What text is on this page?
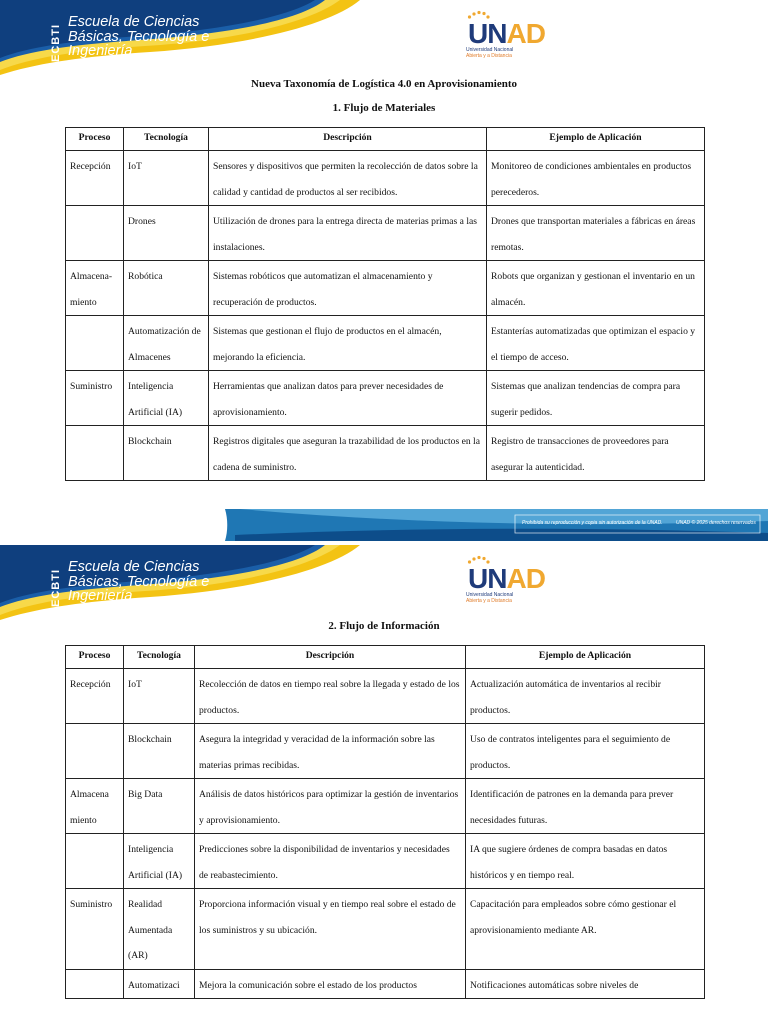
ECBTI
Escuela de Ciencias
Básicas, Tecnología e
Ingeniería
UNAD
Universidad Nacional
Abierta y a Distancia
Nueva Taxonomía de Logística 4.0 en Aprovisionamiento
1. Flujo de Materiales
Proceso	Tecnología	Descripción	Ejemplo de Aplicación
Recepción	IoT	Sensores y dispositivos que permiten la recolección de datos sobre la calidad y cantidad de productos al ser recibidos.	Monitoreo de condiciones ambientales en productos perecederos.
	Drones	Utilización de drones para la entrega directa de materias primas a las instalaciones.	Drones que transportan materiales a fábricas en áreas remotas.
Almacena-miento	Robótica	Sistemas robóticos que automatizan el almacenamiento y recuperación de productos.	Robots que organizan y gestionan el inventario en un almacén.
	Automatización de Almacenes	Sistemas que gestionan el flujo de productos en el almacén, mejorando la eficiencia.	Estanterías automatizadas que optimizan el espacio y el tiempo de acceso.
Suministro	Inteligencia Artificial (IA)	Herramientas que analizan datos para prever necesidades de aprovisionamiento.	Sistemas que analizan tendencias de compra para sugerir pedidos.
	Blockchain	Registros digitales que aseguran la trazabilidad de los productos en la cadena de suministro.	Registro de transacciones de proveedores para asegurar la autenticidad.
Prohibida su reproducción y copia sin autorización de la UNAD.	UNAD © 2025 derechos reservados
ECBTI
Escuela de Ciencias
Básicas, Tecnología e
Ingeniería
UNAD
Universidad Nacional
Abierta y a Distancia
2. Flujo de Información
Proceso	Tecnología	Descripción	Ejemplo de Aplicación
Recepción	IoT	Recolección de datos en tiempo real sobre la llegada y estado de los productos.	Actualización automática de inventarios al recibir productos.
	Blockchain	Asegura la integridad y veracidad de la información sobre las materias primas recibidas.	Uso de contratos inteligentes para el seguimiento de productos.
Almacena miento	Big Data	Análisis de datos históricos para optimizar la gestión de inventarios y aprovisionamiento.	Identificación de patrones en la demanda para prever necesidades futuras.
	Inteligencia Artificial (IA)	Predicciones sobre la disponibilidad de inventarios y necesidades de reabastecimiento.	IA que sugiere órdenes de compra basadas en datos históricos y en tiempo real.
Suministro	Realidad Aumentada (AR)	Proporciona información visual y en tiempo real sobre el estado de los suministros y su ubicación.	Capacitación para empleados sobre cómo gestionar el aprovisionamiento mediante AR.
	Automatizaci	Mejora la comunicación sobre el estado de los productos	Notificaciones automáticas sobre niveles de
